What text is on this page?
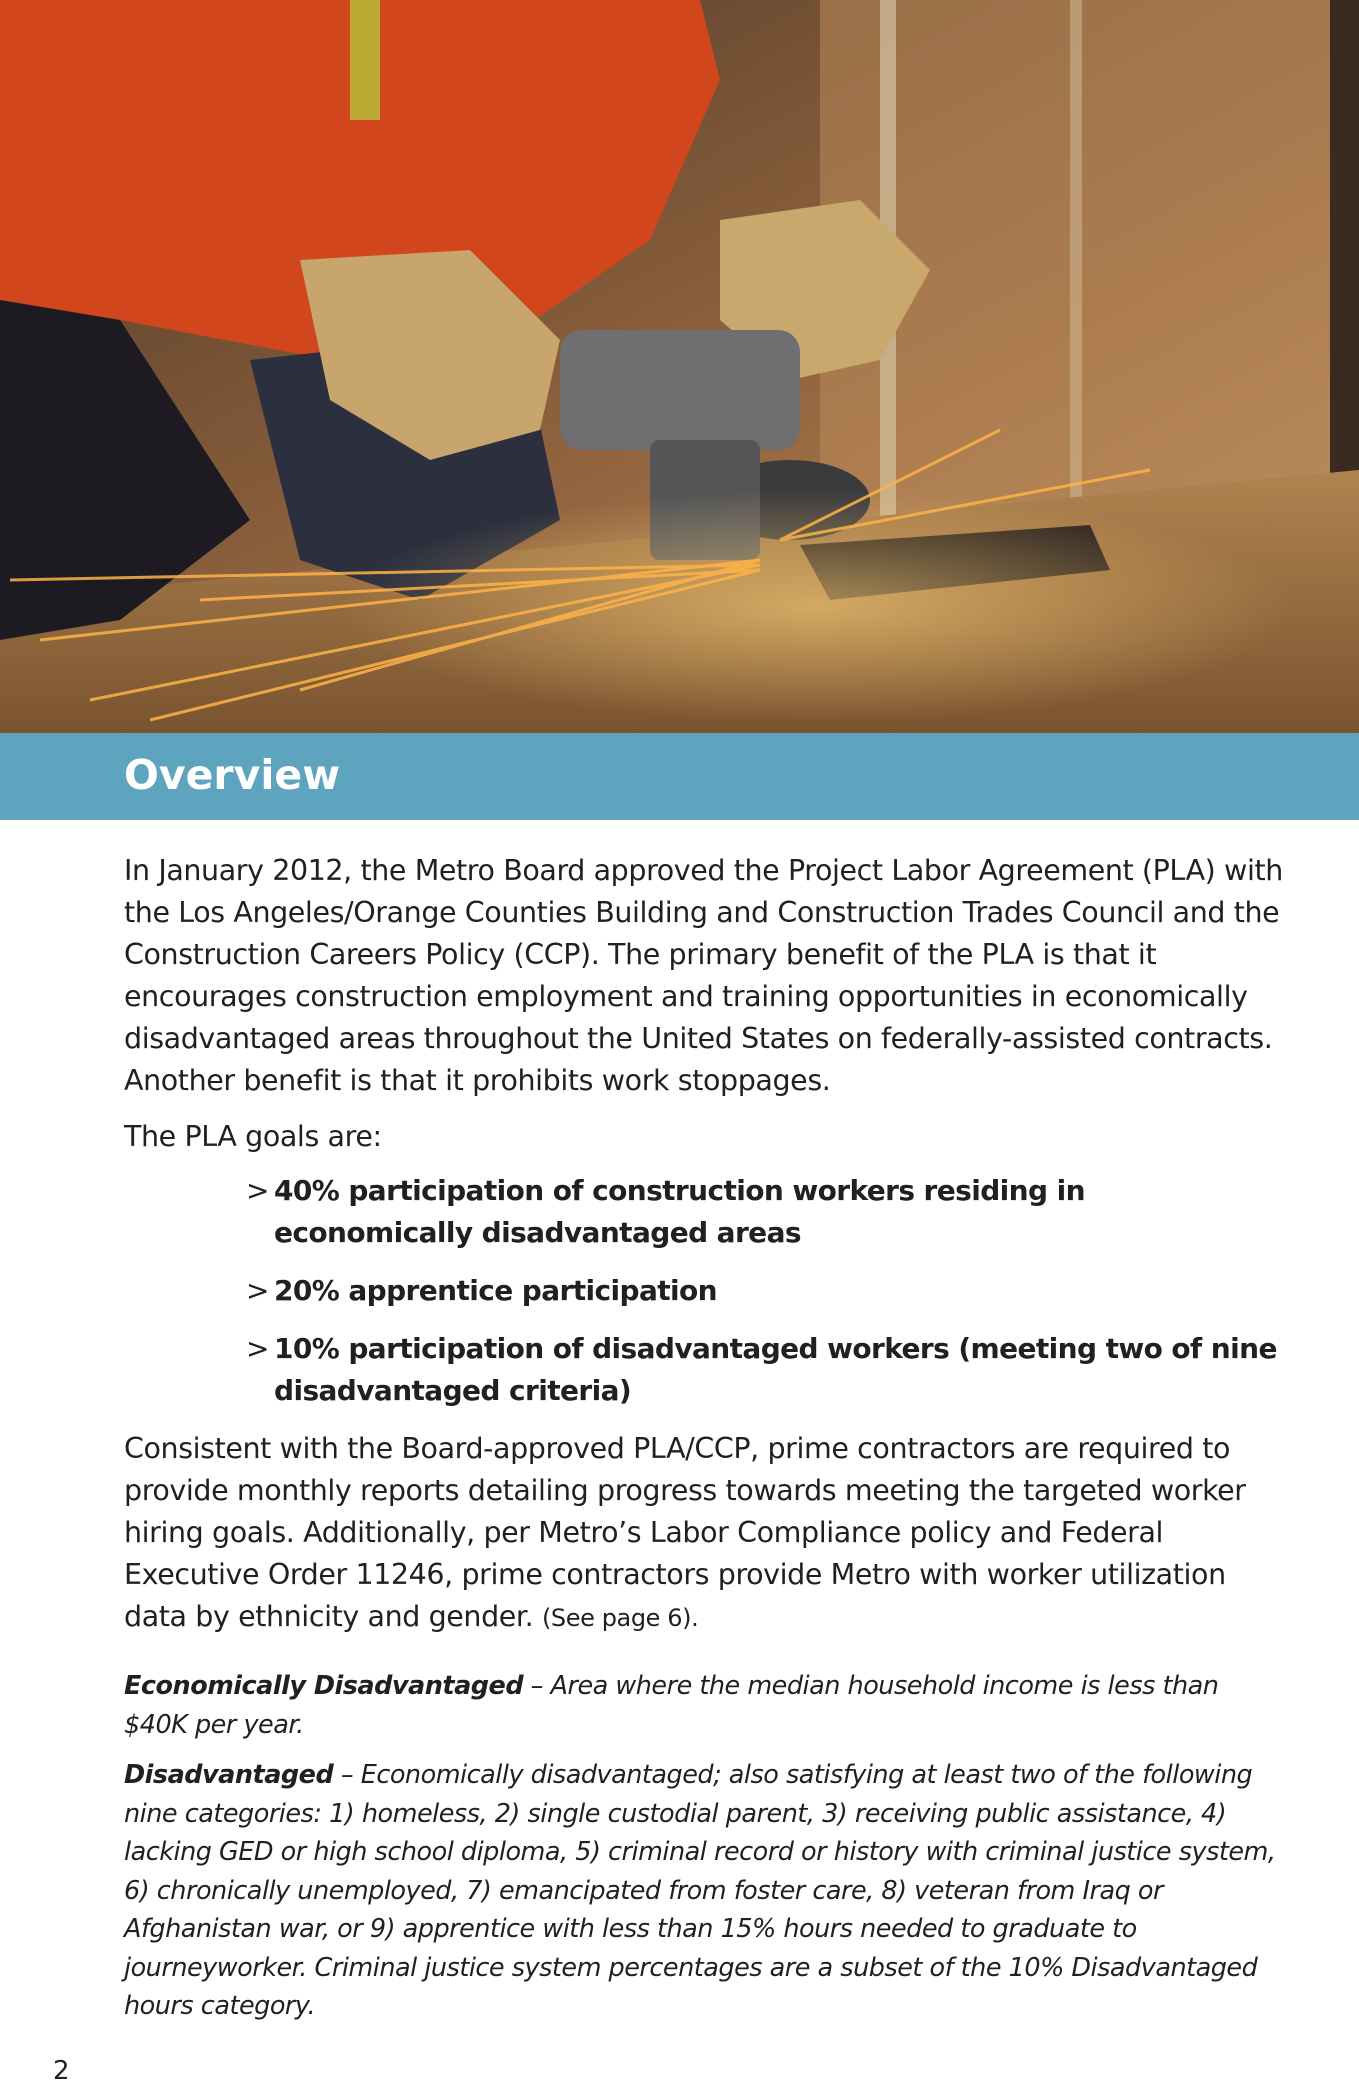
Overview

In January 2012, the Metro Board approved the Project Labor Agreement (PLA) with the Los Angeles/Orange Counties Building and Construction Trades Council and the Construction Careers Policy (CCP). The primary benefit of the PLA is that it encourages construction employment and training opportunities in economically disadvantaged areas throughout the United States on federally-assisted contracts. Another benefit is that it prohibits work stoppages.

The PLA goals are:

> 40% participation of construction workers residing in economically disadvantaged areas
> 20% apprentice participation
> 10% participation of disadvantaged workers (meeting two of nine disadvantaged criteria)

Consistent with the Board-approved PLA/CCP, prime contractors are required to provide monthly reports detailing progress towards meeting the targeted worker hiring goals. Additionally, per Metro’s Labor Compliance policy and Federal Executive Order 11246, prime contractors provide Metro with worker utilization data by ethnicity and gender. (See page 6).

Economically Disadvantaged – Area where the median household income is less than $40K per year.

Disadvantaged – Economically disadvantaged; also satisfying at least two of the following nine categories: 1) homeless, 2) single custodial parent, 3) receiving public assistance, 4) lacking GED or high school diploma, 5) criminal record or history with criminal justice system, 6) chronically unemployed, 7) emancipated from foster care, 8) veteran from Iraq or Afghanistan war, or 9) apprentice with less than 15% hours needed to graduate to journeyworker. Criminal justice system percentages are a subset of the 10% Disadvantaged hours category.

2
